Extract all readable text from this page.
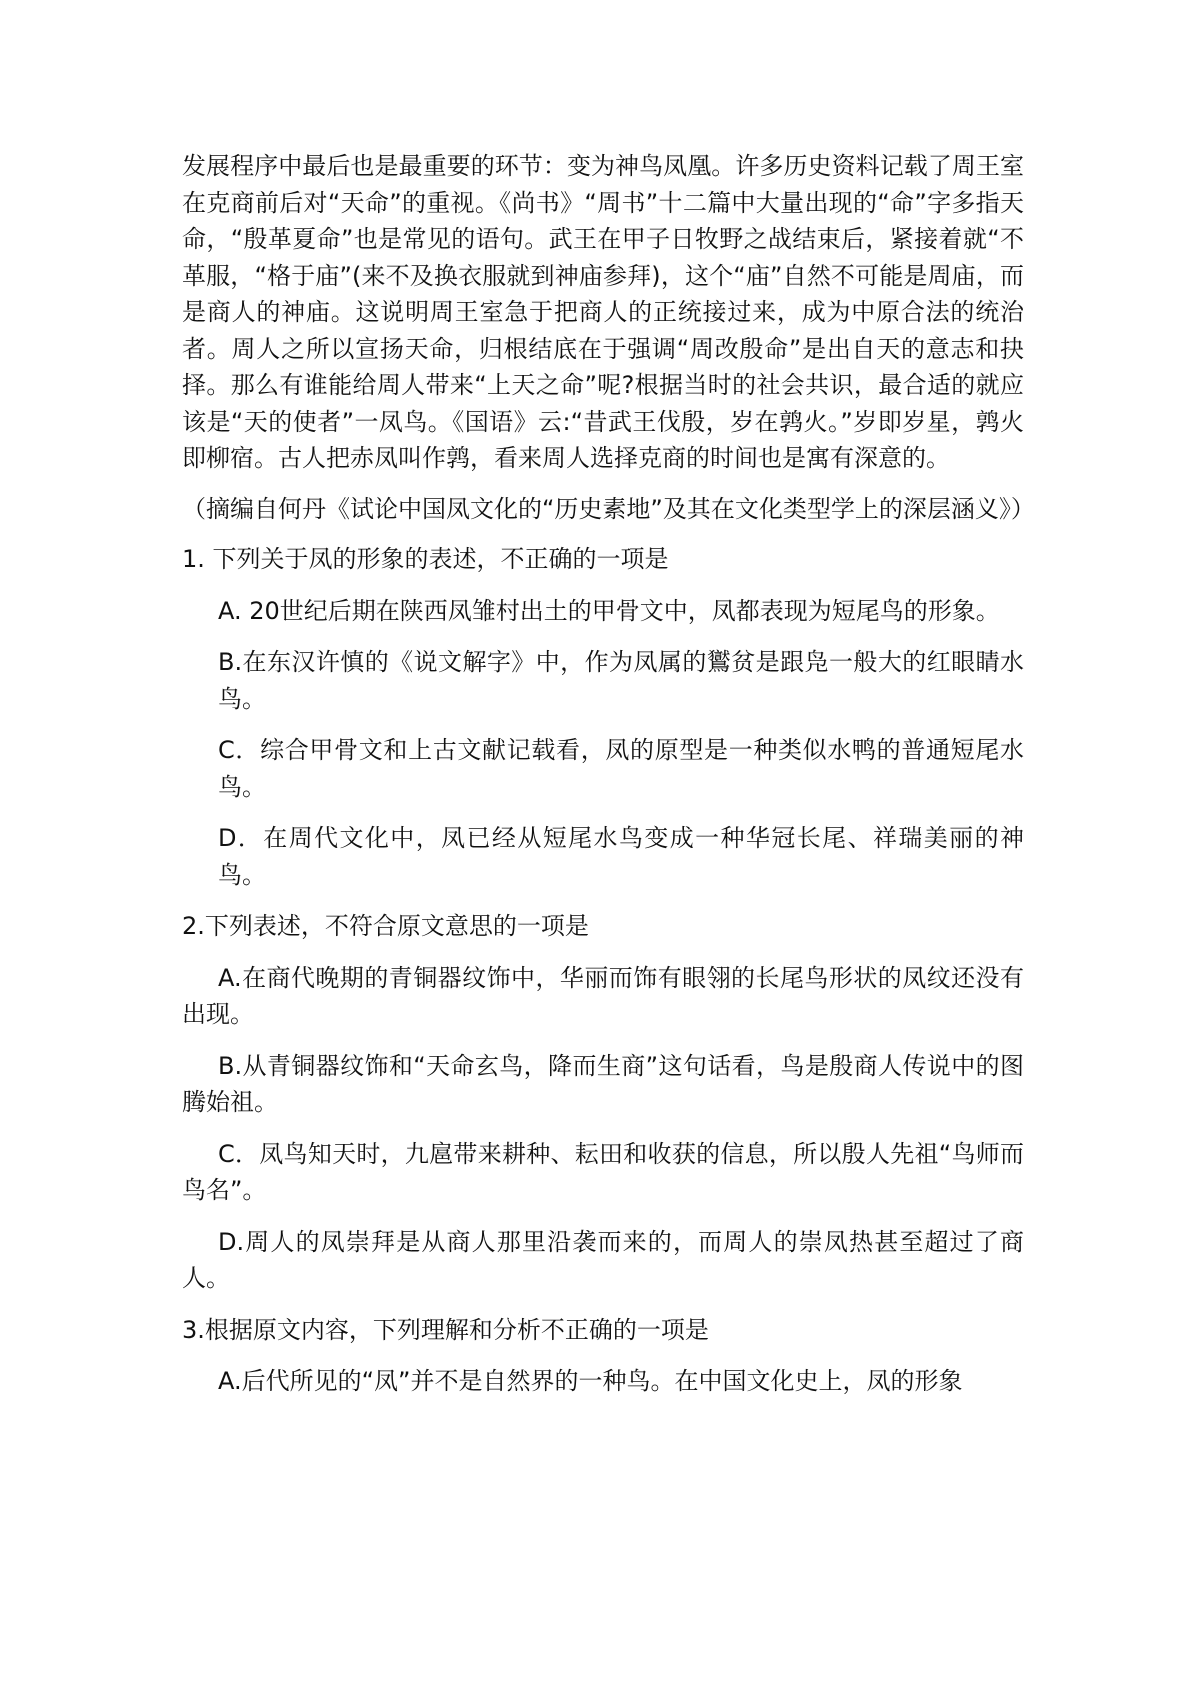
发展程序中最后也是最重要的环节：变为神鸟凤凰。许多历史资料记载了周王室在克商前后对“天命”的重视。《尚书》“周书”十二篇中大量出现的“命”字多指天命，“殷革夏命”也是常见的语句。武王在甲子日牧野之战结束后，紧接着就“不革服，“格于庙”(来不及换衣服就到神庙参拜)，这个“庙”自然不可能是周庙，而是商人的神庙。这说明周王室急于把商人的正统接过来，成为中原合法的统治者。周人之所以宣扬天命，归根结底在于强调“周改殷命”是出自天的意志和抉择。那么有谁能给周人带来“上天之命”呢?根据当时的社会共识，最合适的就应该是“天的使者”一凤鸟。《国语》云:“昔武王伐殷，岁在鹑火。”岁即岁星，鹑火即柳宿。古人把赤凤叫作鹑，看来周人选择克商的时间也是寓有深意的。

（摘编自何丹《试论中国凤文化的“历史素地”及其在文化类型学上的深层涵义》）

1. 下列关于凤的形象的表述，不正确的一项是

A. 20世纪后期在陕西凤雏村出土的甲骨文中，凤都表现为短尾鸟的形象。

B.在东汉许慎的《说文解字》中，作为凤属的鸑贫是跟凫一般大的红眼睛水鸟。

C．综合甲骨文和上古文献记载看，凤的原型是一种类似水鸭的普通短尾水鸟。

D．在周代文化中，凤已经从短尾水鸟变成一种华冠长尾、祥瑞美丽的神鸟。

2.下列表述，不符合原文意思的一项是

A.在商代晚期的青铜器纹饰中，华丽而饰有眼翎的长尾鸟形状的凤纹还没有出现。

B.从青铜器纹饰和“天命玄鸟，降而生商”这句话看，鸟是殷商人传说中的图腾始祖。

C．凤鸟知天时，九扈带来耕种、耘田和收获的信息，所以殷人先祖“鸟师而鸟名”。

D.周人的凤崇拜是从商人那里沿袭而来的，而周人的崇凤热甚至超过了商人。

3.根据原文内容，下列理解和分析不正确的一项是

A.后代所见的“凤”并不是自然界的一种鸟。在中国文化史上，凤的形象
